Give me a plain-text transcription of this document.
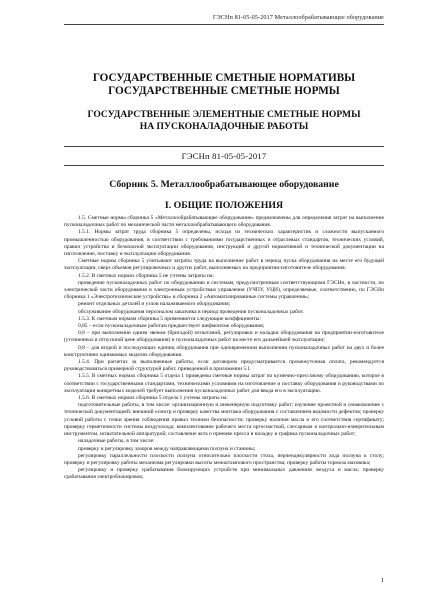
ГЭСНп 81-05-05-2017 Металлообрабатывающее оборудование
ГОСУДАРСТВЕННЫЕ СМЕТНЫЕ НОРМАТИВЫ
ГОСУДАРСТВЕННЫЕ СМЕТНЫЕ НОРМЫ
ГОСУДАРСТВЕННЫЕ ЭЛЕМЕНТНЫЕ СМЕТНЫЕ НОРМЫ
НА ПУСКОНАЛАДОЧНЫЕ РАБОТЫ
ГЭСНп 81-05-05-2017
Сборник 5. Металлообрабатывающее оборудование
I. ОБЩИЕ ПОЛОЖЕНИЯ

1.5. Сметные нормы сборника 5 «Металлообрабатывающее оборудование» предназначены для определения затрат на выполнение пусконаладочных работ по механической части металлообрабатывающего оборудования.

1.5.1. Нормы затрат труда сборника 5 определены, исходя из технических характеристик и сложности выпускаемого промышленностью оборудования, в соответствии с требованиями государственных и отраслевых стандартов, технических условий, правил устройства и безопасной эксплуатации оборудования, инструкций и другой нормативной и технической документации на изготовление, поставку и эксплуатацию оборудования.

Сметные нормы сборника 5 учитывают затраты труда на выполнение работ в период пуска оборудования на месте его будущей эксплуатации, сверх объемов регулировочных и других работ, выполняемых на предприятии-изготовителе оборудования.

1.5.2. В сметных нормах сборника 5 не учтены затраты на:

проведение пусконаладочных работ по оборудованию и системам, предусмотренным соответствующими ГЭСНп, в частности, по электрической части оборудования и электронным устройствам управления (УЧПУ, УЦИ), определяемые, соответственно, по ГЭСНп сборника 1 «Электротехнические устройства» и сборника 2 «Автоматизированные системы управления»;

ремонт отдельных деталей и узлов налаживаемого оборудования;

обслуживание оборудования персоналом заказчика в период проведения пусконаладочных работ.

1.5.3. К сметным нормам сборника 5 применяются следующие коэффициенты:

0,85 – если пусконаладочным работам предшествует шефмонтаж оборудования;

0,8 – при выполнении одним звеном (бригадой) испытаний, регулировки и наладки оборудования на предприятии-изготовителе (уточненных в отпускной цене оборудования) и пусконаладочных работ на месте его дальнейшей эксплуатации;

0,8 – для второй и последующих единиц оборудования при одновременном выполнении пусконаладочных работ на двух и более конструктивно одинаковых моделях оборудования.

1.5.4. При расчетах за выполненные работы, если договором предусматривается промежуточная оплата, рекомендуется руководствоваться примерной структурой работ, приведенной в приложении 5.1.

1.5.5. В сметных нормах сборника 5 отдела 1 приведены сметные нормы затрат по кузнечно-прессовому оборудованию, которое в соответствии с государственными стандартами, техническими условиями на изготовление и поставку оборудования и руководствами по эксплуатации конкретных моделей требует выполнения пусконаладочных работ для ввода его в эксплуатацию.

1.5.6. В сметных нормах сборника 5 отдела 1 учтены затраты на:

подготовительные работы, в том числе: организационную и инженерную подготовку работ; изучение проектной и ознакомление с технической документацией; внешний осмотр и проверку качества монтажа оборудования с составлением ведомости дефектов; проверку условий работы с точки зрения соблюдения правил техники безопасности; проверку наличия масла и его соответствия сертификату; проверку герметичности системы воздухохода; комплектование рабочего места оргоснасткой, слесарным и контрольно-измерительным инструментом, испытательной аппаратурой; составление акта о приемке пресса в наладку и графика пусконаладочных работ;

наладочные работы, в том числе:

проверку и регулировку зазоров между направляющими ползуна и станины;

регулировку параллельности плоскости ползуна относительно плоскости стола, перпендикулярности хода ползуна к столу; проверку и регулировку работы механизма регулировки высоты межштампового пространства; проверку работы тормоза маховика;

регулировку и проверку срабатывания блокирующих устройств при минимальных давлениях воздуха и масла; проверку срабатывания электроблокировок;

1
